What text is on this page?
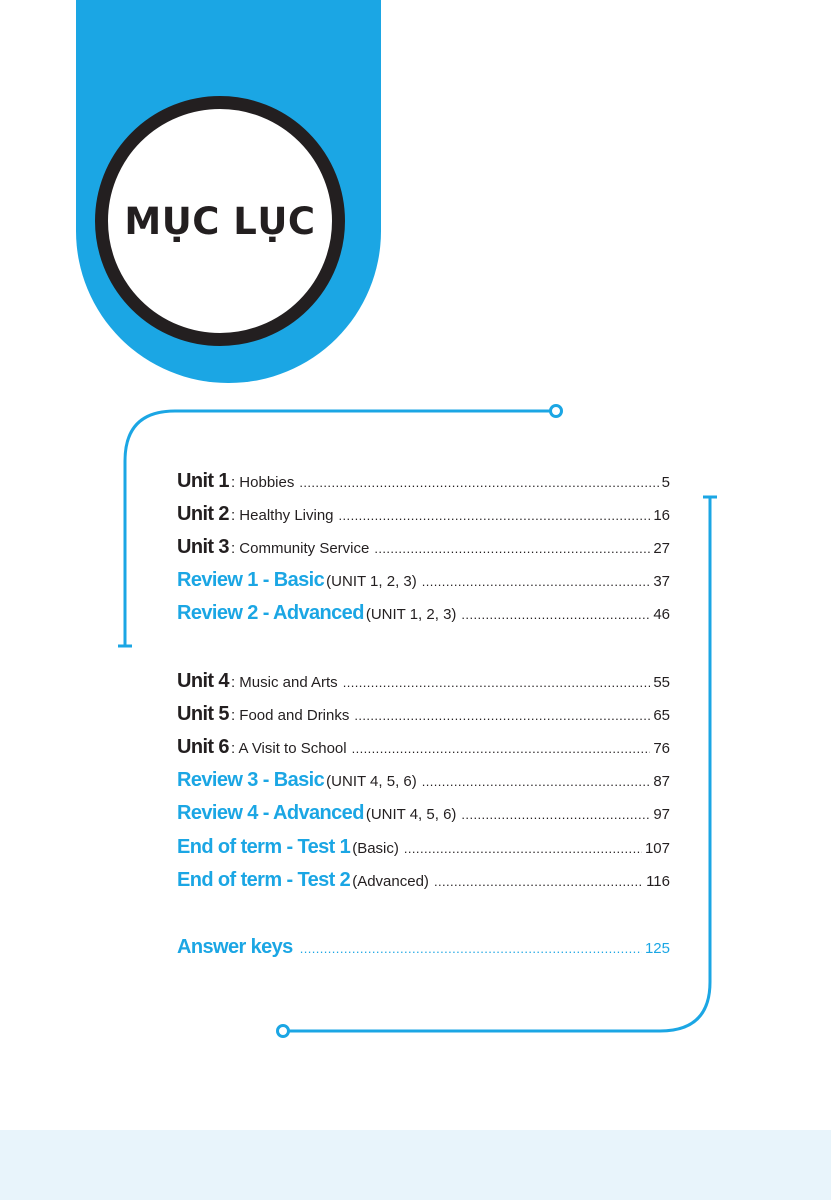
MỤC LỤC
Unit 1 : Hobbies .....	5
Unit 2 : Healthy Living .....	16
Unit 3 : Community Service .....	27
Review 1 - Basic (UNIT 1, 2, 3) .....	37
Review 2 - Advanced (UNIT 1, 2, 3) .....	46
Unit 4 : Music and Arts .....	55
Unit 5 : Food and Drinks .....	65
Unit 6 : A Visit to School .....	76
Review 3 - Basic (UNIT 4, 5, 6) .....	87
Review 4 - Advanced (UNIT 4, 5, 6) .....	97
End of term - Test 1 (Basic) .....	107
End of term - Test 2 (Advanced) .....	116
Answer keys .....	125
